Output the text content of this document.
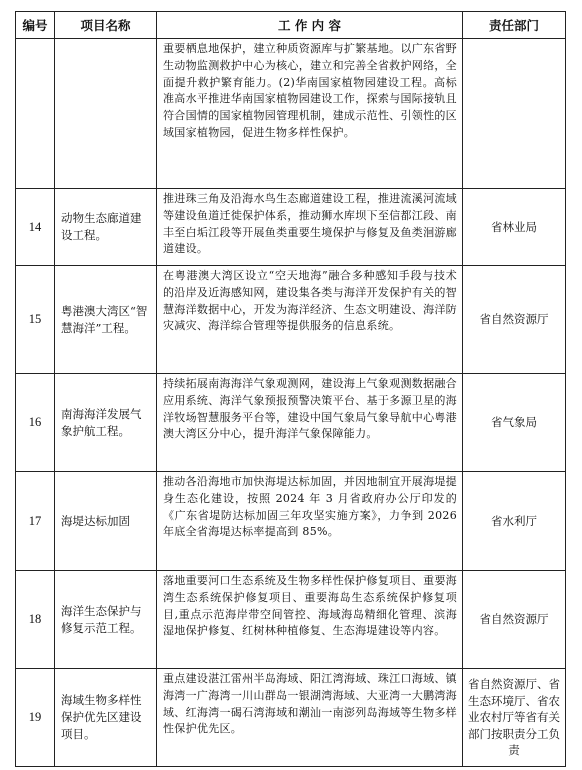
编号	项目名称	工 作 内 容	责任部门
		重要栖息地保护，建立种质资源库与扩繁基地。以广东省野生动物监测救护中心为核心，建立和完善全省救护网络，全面提升救护繁育能力。(2)华南国家植物园建设工程。高标准高水平推进华南国家植物园建设工作，探索与国际接轨且符合国情的国家植物园管理机制，建成示范性、引领性的区域国家植物园，促进生物多样性保护。	
14	动物生态廊道建设工程。	推进珠三角及沿海水鸟生态廊道建设工程，推进流溪河流域等建设鱼道迁徙保护体系，推动狮水库坝下至信都江段、南丰至白垢江段等开展鱼类重要生境保护与修复及鱼类洄游廊道建设。	省林业局
15	粤港澳大湾区“智慧海洋”工程。	在粤港澳大湾区设立“空天地海”融合多种感知手段与技术的沿岸及近海感知网，建设集各类与海洋开发保护有关的智慧海洋数据中心，开发为海洋经济、生态文明建设、海洋防灾减灾、海洋综合管理等提供服务的信息系统。	省自然资源厅
16	南海海洋发展气象护航工程。	持续拓展南海海洋气象观测网，建设海上气象观测数据融合应用系统、海洋气象预报预警决策平台、基于多源卫星的海洋牧场智慧服务平台等，建设中国气象局气象导航中心粤港澳大湾区分中心，提升海洋气象保障能力。	省气象局
17	海堤达标加固	推动各沿海地市加快海堤达标加固，并因地制宜开展海堤提身生态化建设，按照 2024 年 3 月省政府办公厅印发的《广东省堤防达标加固三年攻坚实施方案》，力争到 2026 年底全省海堤达标率提高到 85%。	省水利厅
18	海洋生态保护与修复示范工程。	落地重要河口生态系统及生物多样性保护修复项目、重要海湾生态系统保护修复项目、重要海岛生态系统保护修复项目,重点示范海岸带空间管控、海域海岛精细化管理、滨海湿地保护修复、红树林种植修复、生态海堤建设等内容。	省自然资源厅
19	海域生物多样性保护优先区建设项目。	重点建设湛江雷州半岛海域、阳江湾海域、珠江口海域、镇海湾一广海湾一川山群岛一银湖湾海域、大亚湾一大鹏湾海域、红海湾一碣石湾海域和潮汕一南澎列岛海域等生物多样性保护优先区。	省自然资源厅、省生态环境厅、省农业农村厅等省有关部门按职责分工负责
